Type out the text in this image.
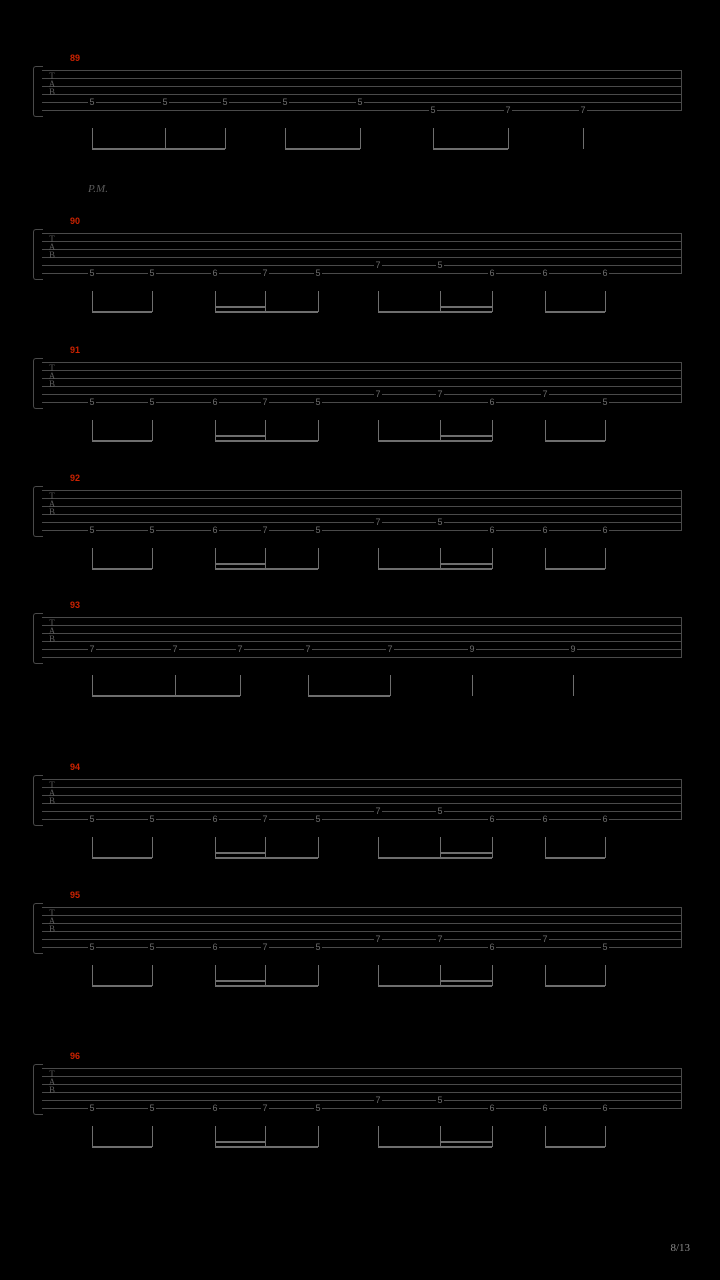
89
T
A
B
5	5	5	5	5
5	7	7
90
T
A
B
5	5	6	7	5
7	5
6	6	6
91
T
A
B
5	5	6	7	5
7	7
6
7
5
92
T
A
B
5	5	6	7	5
7	5
6	6	6
93
T
A
B
7	7	7	7	7	9	9
94
T
A
B
5	5	6	7	5
7	5
6	6	6
95
T
A
B
5	5	6	7	5
7	7
6
7
5
96
T
A
B
5	5	6	7	5
7	5
6	6	6
P.M.
8/13
